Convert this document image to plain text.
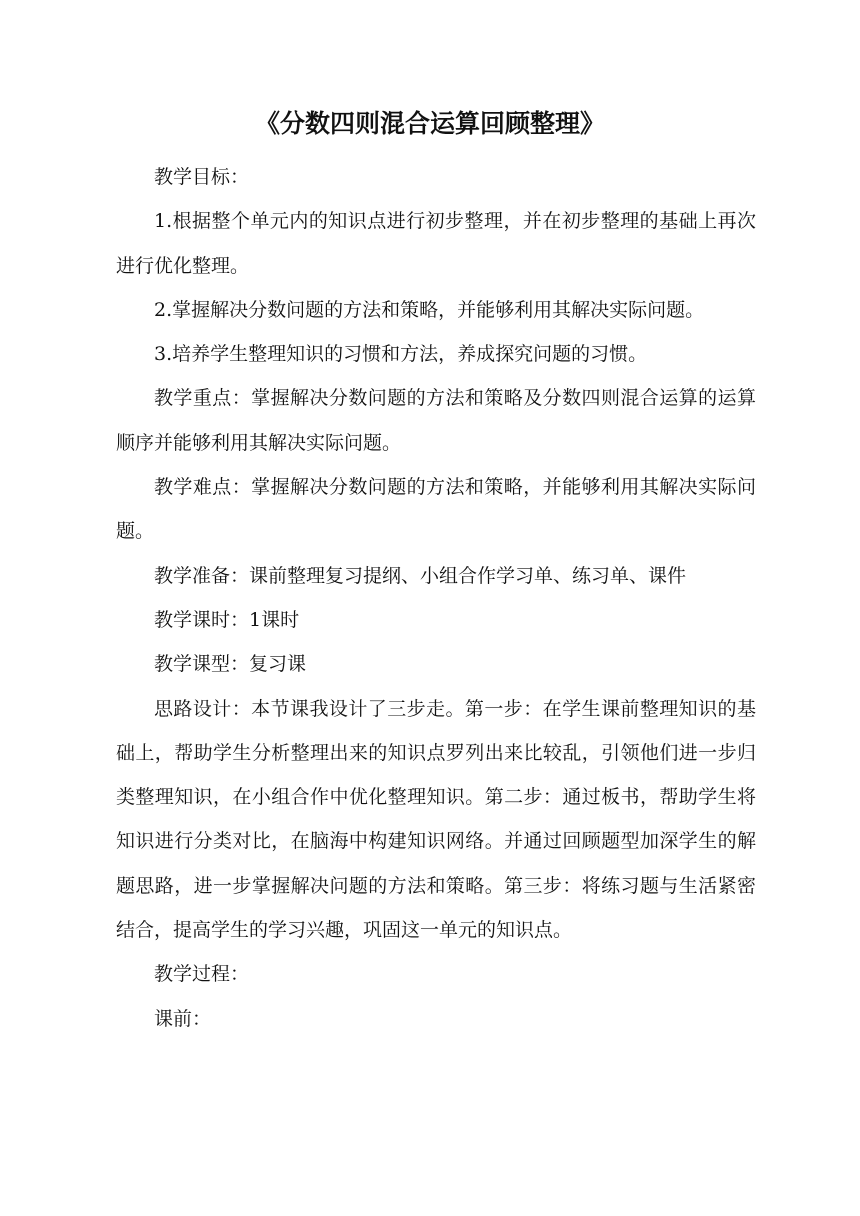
《分数四则混合运算回顾整理》

教学目标：

1.根据整个单元内的知识点进行初步整理，并在初步整理的基础上再次进行优化整理。

2.掌握解决分数问题的方法和策略，并能够利用其解决实际问题。

3.培养学生整理知识的习惯和方法，养成探究问题的习惯。

教学重点：掌握解决分数问题的方法和策略及分数四则混合运算的运算顺序并能够利用其解决实际问题。

教学难点：掌握解决分数问题的方法和策略，并能够利用其解决实际问题。

教学准备：课前整理复习提纲、小组合作学习单、练习单、课件

教学课时：1课时

教学课型：复习课

思路设计：本节课我设计了三步走。第一步：在学生课前整理知识的基础上，帮助学生分析整理出来的知识点罗列出来比较乱，引领他们进一步归类整理知识，在小组合作中优化整理知识。第二步：通过板书，帮助学生将知识进行分类对比，在脑海中构建知识网络。并通过回顾题型加深学生的解题思路，进一步掌握解决问题的方法和策略。第三步：将练习题与生活紧密结合，提高学生的学习兴趣，巩固这一单元的知识点。

教学过程：

课前：
